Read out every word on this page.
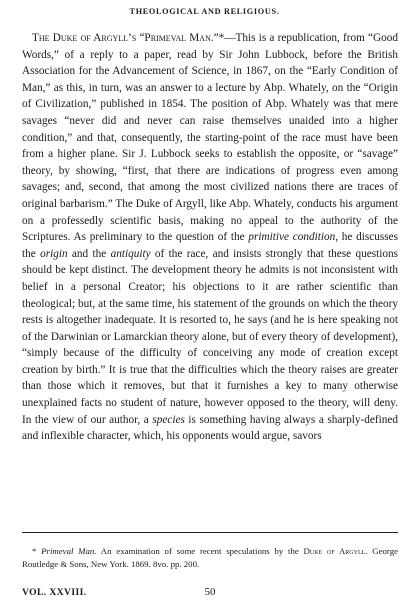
THEOLOGICAL AND RELIGIOUS.

The Duke of Argyll’s “Primeval Man.”*—This is a republication, from “Good Words,” of a reply to a paper, read by Sir John Lubbock, before the British Association for the Advancement of Science, in 1867, on the “Early Condition of Man,” as this, in turn, was an answer to a lecture by Abp. Whately, on the “Origin of Civilization,” published in 1854. The position of Abp. Whately was that mere savages “never did and never can raise themselves unaided into a higher condition,” and that, consequently, the starting-point of the race must have been from a higher plane. Sir J. Lubbock seeks to establish the opposite, or “savage” theory, by showing, “first, that there are indications of progress even among savages; and, second, that among the most civilized nations there are traces of original barbarism.” The Duke of Argyll, like Abp. Whately, conducts his argument on a professedly scientific basis, making no appeal to the authority of the Scriptures. As preliminary to the question of the primitive condition, he discusses the origin and the antiquity of the race, and insists strongly that these questions should be kept distinct. The development theory he admits is not inconsistent with belief in a personal Creator; his objections to it are rather scientific than theological; but, at the same time, his statement of the grounds on which the theory rests is altogether inadequate. It is resorted to, he says (and he is here speaking not of the Darwinian or Lamarckian theory alone, but of every theory of development), “simply because of the difficulty of conceiving any mode of creation except creation by birth.” It is true that the difficulties which the theory raises are greater than those which it removes, but that it furnishes a key to many otherwise unexplained facts no student of nature, however opposed to the theory, will deny. In the view of our author, a species is something having always a sharply-defined and inflexible character, which, his opponents would argue, savors

* Primeval Man. An examination of some recent speculations by the Duke of Argyll. George Routledge & Sons, New York. 1869. 8vo. pp. 200.

VOL. XXVIII.	50
